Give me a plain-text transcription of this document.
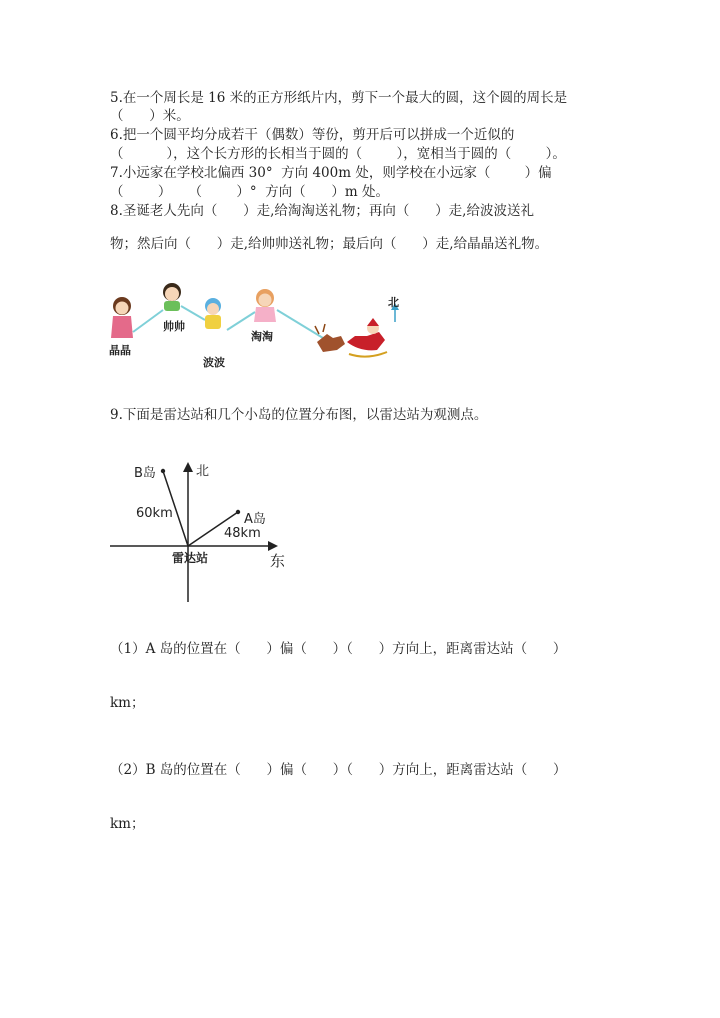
5.在一个周长是 16 米的正方形纸片内，剪下一个最大的圆，这个圆的周长是
（      ）米。
6.把一个圆平均分成若干（偶数）等份，剪开后可以拼成一个近似的
（          ），这个长方形的长相当于圆的（        ），宽相当于圆的（        ）。
7.小远家在学校北偏西 30°  方向 400m 处，则学校在小远家（        ）偏
（        ）    （        ）°  方向（      ）m 处。
8.圣诞老人先向（      ）走,给淘淘送礼物；再向（      ）走,给波波送礼
物；然后向（      ）走,给帅帅送礼物；最后向（      ）走,给晶晶送礼物。
北
晶晶
帅帅
波波
淘淘
9.下面是雷达站和几个小岛的位置分布图，以雷达站为观测点。
B岛	北
60km	A岛
48km
雷达站	东
（1）A 岛的位置在（      ）偏（      ）（      ）方向上，距离雷达站（      ）
km；
（2）B 岛的位置在（      ）偏（      ）（      ）方向上，距离雷达站（      ）
km；
